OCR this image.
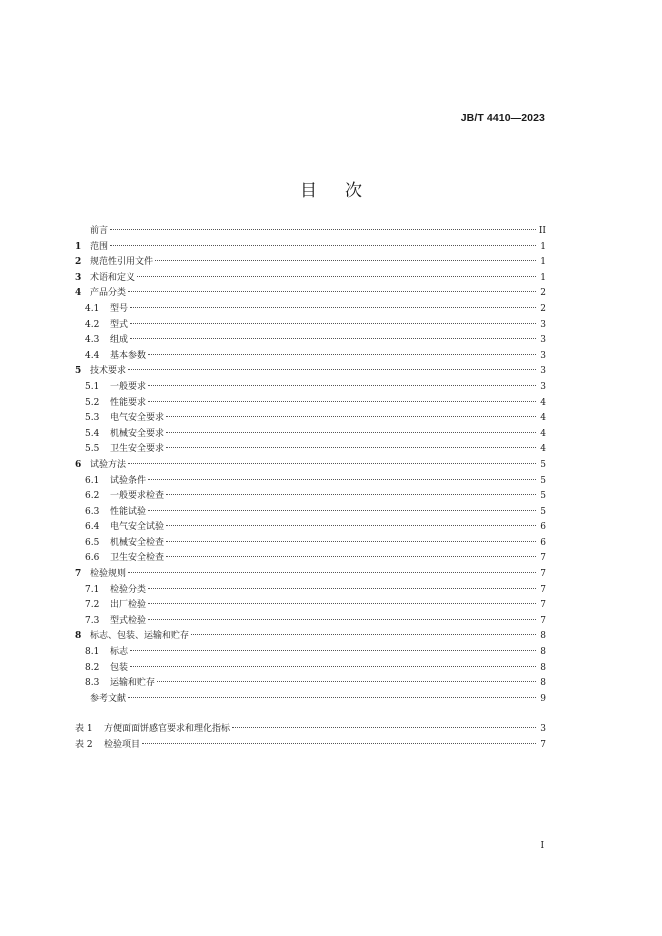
JB/T 4410—2023
目次
前言	II
1 范围	1
2 规范性引用文件	1
3 术语和定义	1
4 产品分类	2
4.1	型号	2
4.2	型式	3
4.3	组成	3
4.4	基本参数	3
5 技术要求	3
5.1	一般要求	3
5.2	性能要求	4
5.3	电气安全要求	4
5.4	机械安全要求	4
5.5	卫生安全要求	4
6 试验方法	5
6.1	试验条件	5
6.2	一般要求检查	5
6.3	性能试验	5
6.4	电气安全试验	6
6.5	机械安全检查	6
6.6	卫生安全检查	7
7 检验规则	7
7.1	检验分类	7
7.2	出厂检验	7
7.3	型式检验	7
8 标志、包装、运输和贮存	8
8.1	标志	8
8.2	包装	8
8.3	运输和贮存	8
参考文献	9
表 1	方便面面饼感官要求和理化指标	3
表 2	检验项目	7
I
